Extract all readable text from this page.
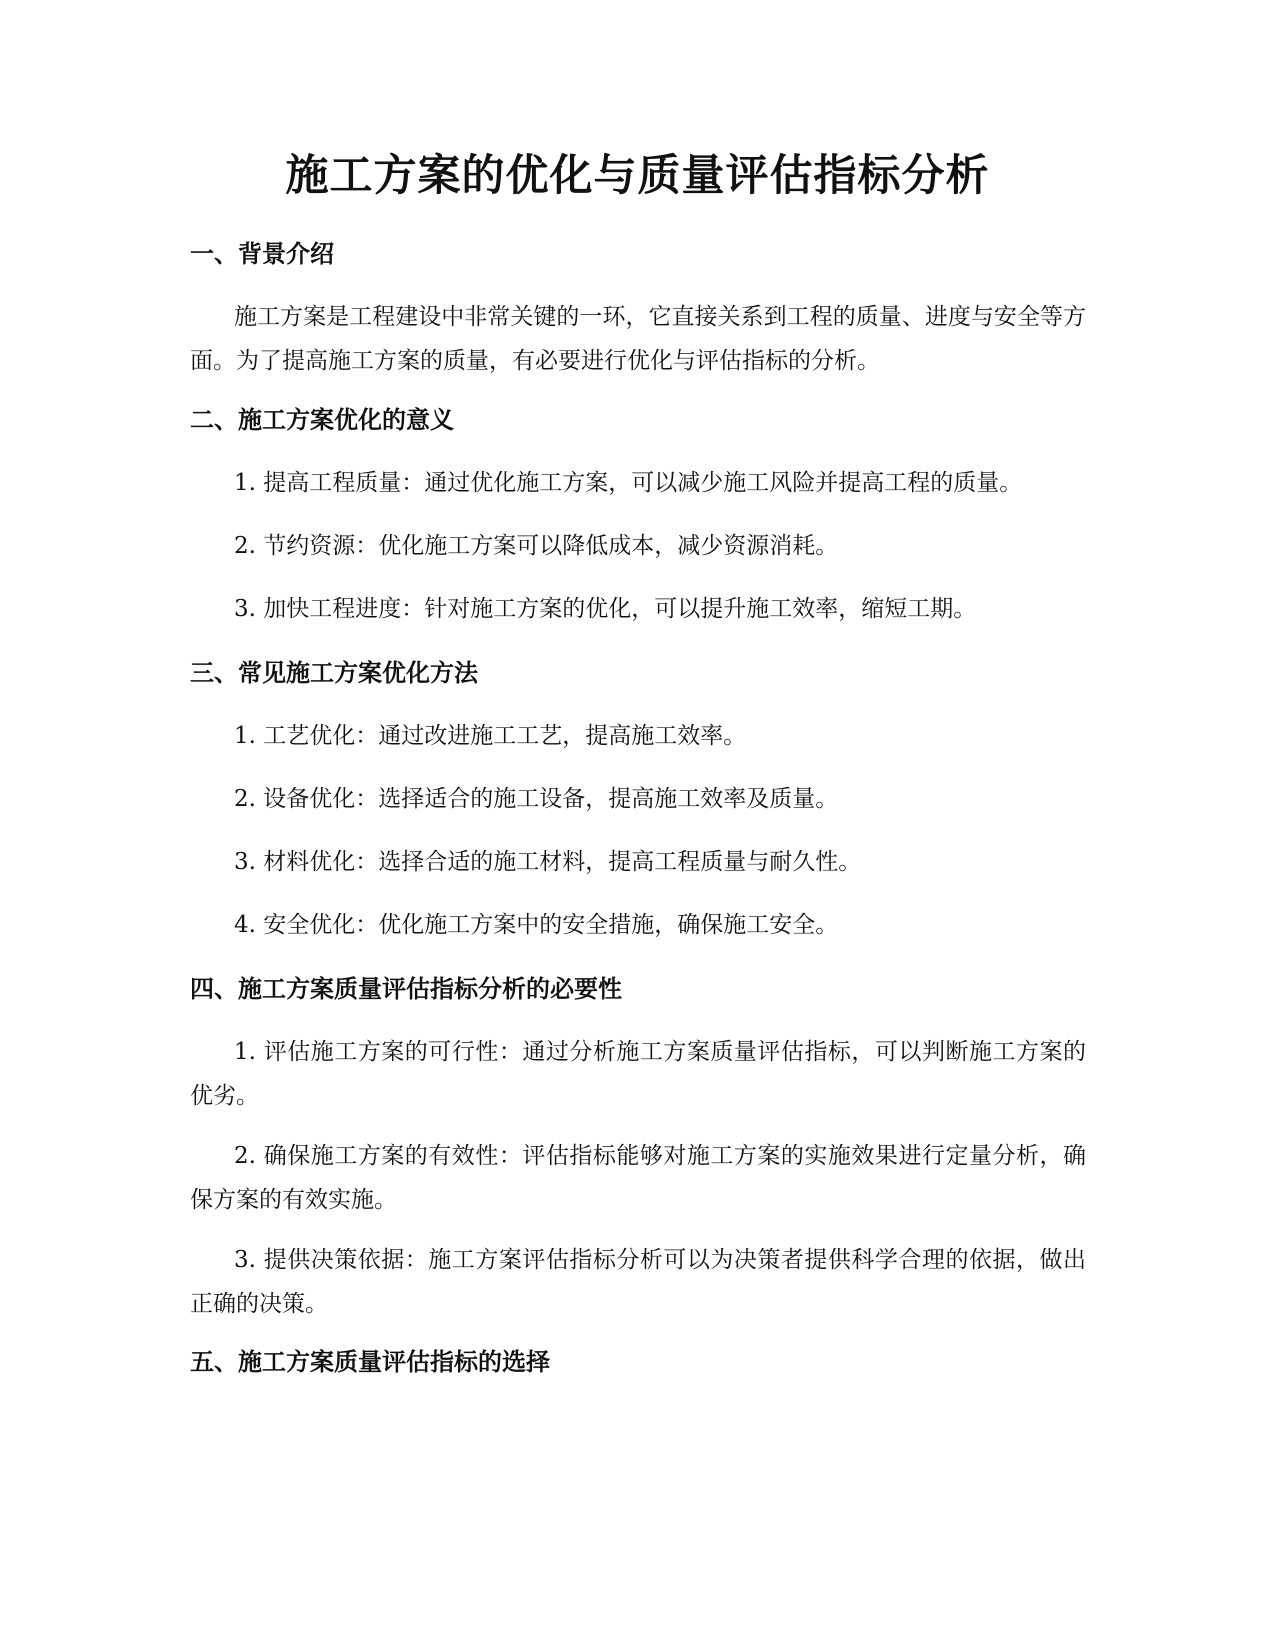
施工方案的优化与质量评估指标分析
一、背景介绍

施工方案是工程建设中非常关键的一环，它直接关系到工程的质量、进度与安全等方面。为了提高施工方案的质量，有必要进行优化与评估指标的分析。

二、施工方案优化的意义

1. 提高工程质量：通过优化施工方案，可以减少施工风险并提高工程的质量。

2. 节约资源：优化施工方案可以降低成本，减少资源消耗。

3. 加快工程进度：针对施工方案的优化，可以提升施工效率，缩短工期。

三、常见施工方案优化方法

1. 工艺优化：通过改进施工工艺，提高施工效率。

2. 设备优化：选择适合的施工设备，提高施工效率及质量。

3. 材料优化：选择合适的施工材料，提高工程质量与耐久性。

4. 安全优化：优化施工方案中的安全措施，确保施工安全。

四、施工方案质量评估指标分析的必要性

1. 评估施工方案的可行性：通过分析施工方案质量评估指标，可以判断施工方案的优劣。

2. 确保施工方案的有效性：评估指标能够对施工方案的实施效果进行定量分析，确保方案的有效实施。

3. 提供决策依据：施工方案评估指标分析可以为决策者提供科学合理的依据，做出正确的决策。

五、施工方案质量评估指标的选择
